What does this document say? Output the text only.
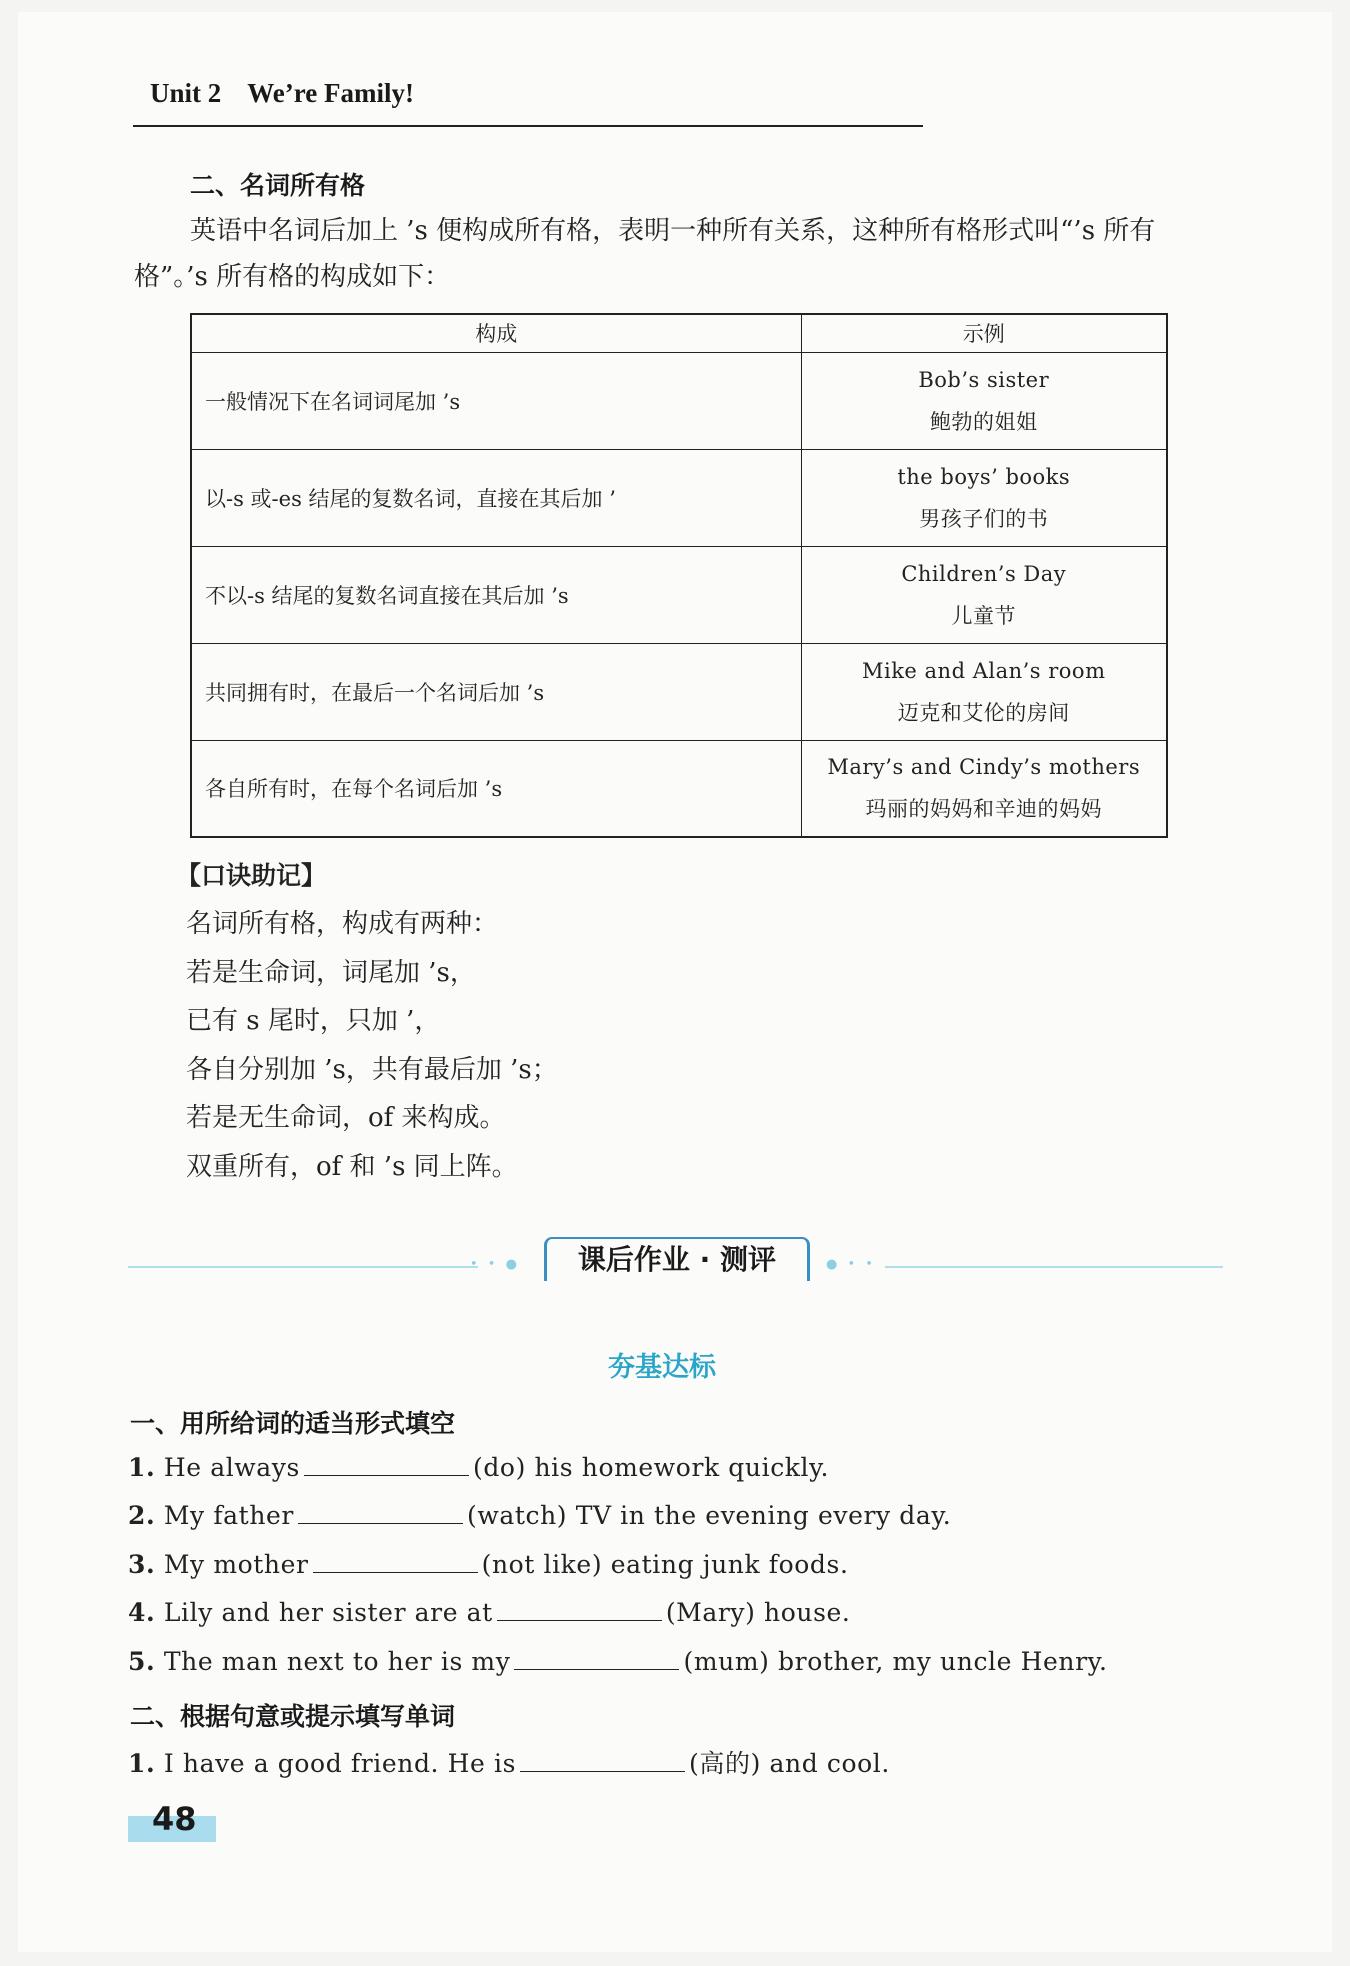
Unit 2 We’re Family!
二、名词所有格
英语中名词后加上 ’s 便构成所有格，表明一种所有关系，这种所有格形式叫“’s 所有
格”。’s 所有格的构成如下：
构成	示例
一般情况下在名词词尾加 ’s	Bob’s sister
鲍勃的姐姐

以-s 或-es 结尾的复数名词，直接在其后加 ’	the boys’ books
男孩子们的书

不以-s 结尾的复数名词直接在其后加 ’s	Children’s Day
儿童节

共同拥有时，在最后一个名词后加 ’s	Mike and Alan’s room
迈克和艾伦的房间

各自所有时，在每个名词后加 ’s	Mary’s and Cindy’s mothers
玛丽的妈妈和辛迪的妈妈
【口诀助记】
名词所有格，构成有两种：
若是生命词，词尾加 ’s，
已有 s 尾时，只加 ’，
各自分别加 ’s，共有最后加 ’s；
若是无生命词，of 来构成。
双重所有，of 和 ’s 同上阵。
• • ●	课后作业 · 测评	● • •
夯基达标
一、用所给词的适当形式填空
1. He always	(do) his homework quickly.
2. My father	(watch) TV in the evening every day.
3. My mother	(not like) eating junk foods.
4. Lily and her sister are at	(Mary) house.
5. The man next to her is my	(mum) brother, my uncle Henry.
二、根据句意或提示填写单词
1. I have a good friend. He is	(高的) and cool.
48
